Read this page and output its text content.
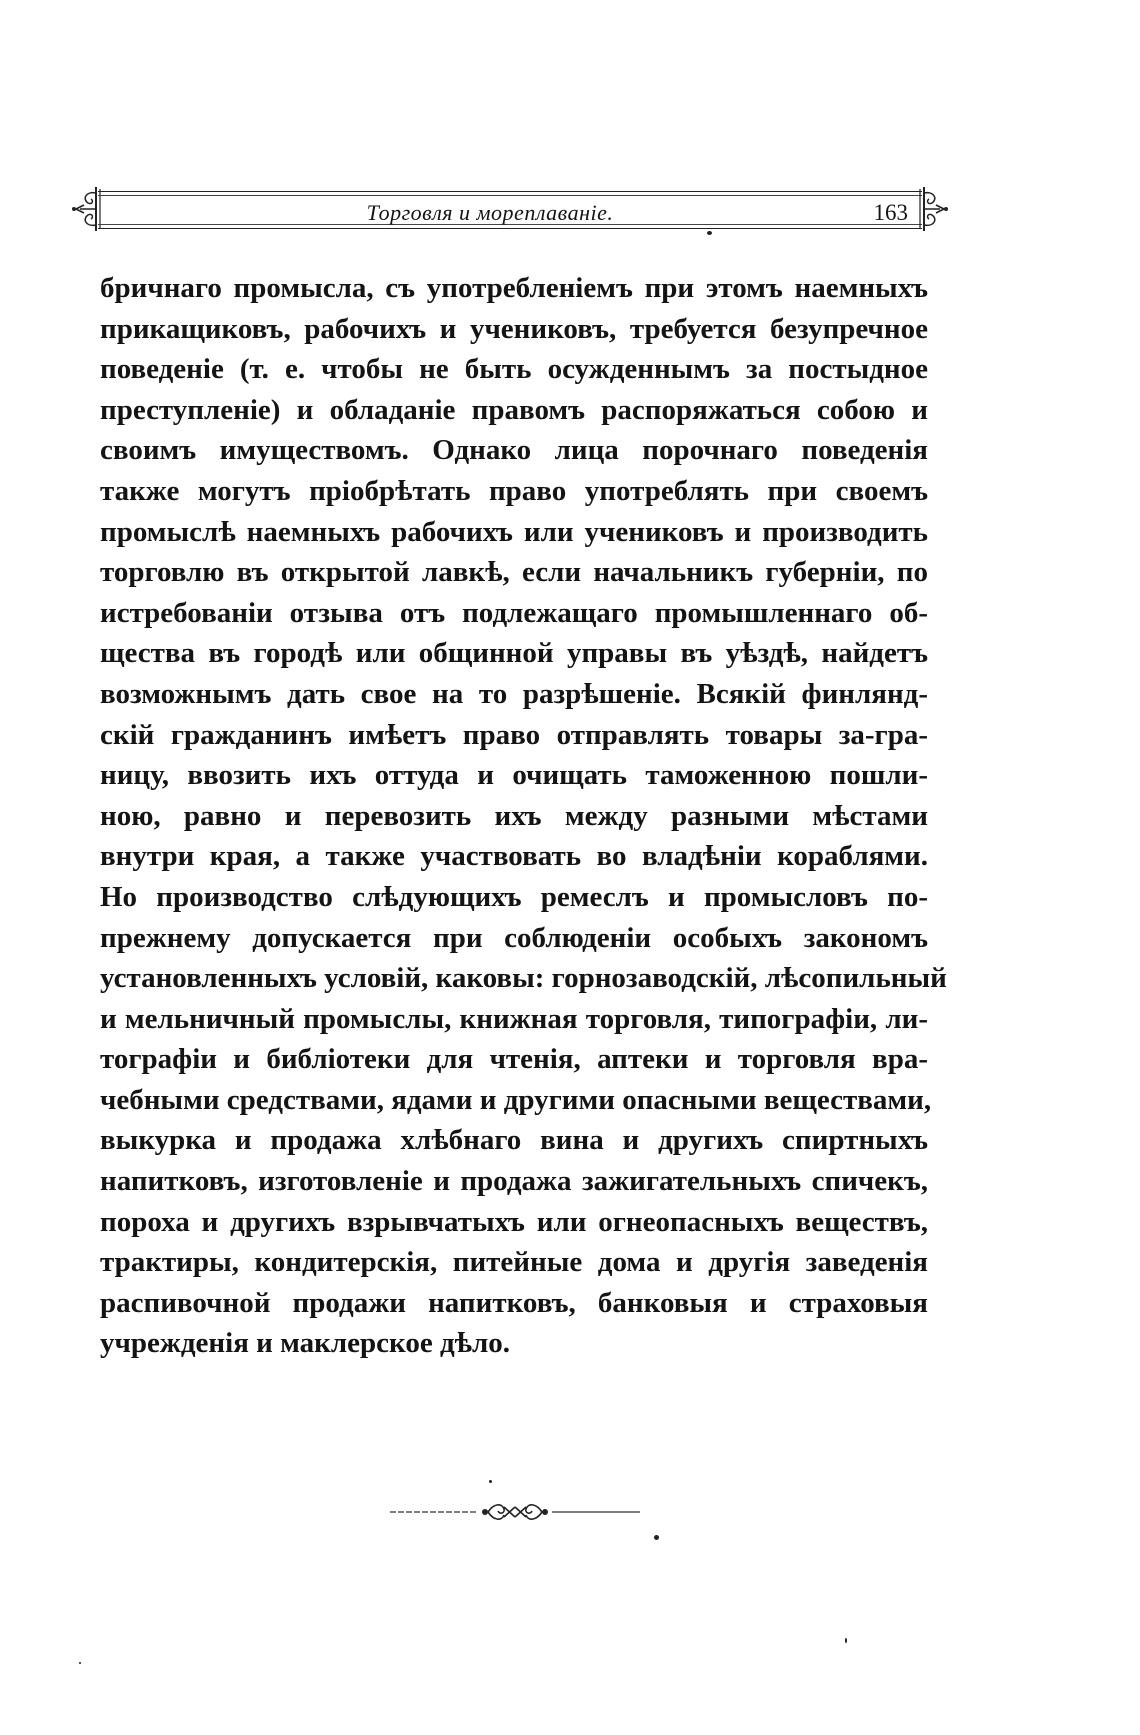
Торговля и мореплаваніе.	163
бричнаго промысла, съ употребленіемъ при этомъ наемныхъ
прикащиковъ, рабочихъ и учениковъ, требуется безупречное
поведеніе (т. е. чтобы не быть осужденнымъ за постыдное
преступленіе) и обладаніе правомъ распоряжаться собою и
своимъ имуществомъ. Однако лица порочнаго поведенія
также могутъ пріобрѣтать право употреблять при своемъ
промыслѣ наемныхъ рабочихъ или учениковъ и производить
торговлю въ открытой лавкѣ, если начальникъ губерніи, по
истребованіи отзыва отъ подлежащаго промышленнаго об-
щества въ городѣ или общинной управы въ уѣздѣ, найдетъ
возможнымъ дать свое на то разрѣшеніе. Всякій финлянд-
скій гражданинъ имѣетъ право отправлять товары за-гра-
ницу, ввозить ихъ оттуда и очищать таможенною пошли-
ною, равно и перевозить ихъ между разными мѣстами
внутри края, а также участвовать во владѣніи кораблями.
Но производство слѣдующихъ ремеслъ и промысловъ по-
прежнему допускается при соблюденіи особыхъ закономъ
установленныхъ условій, каковы: горнозаводскій, лѣсопильный
и мельничный промыслы, книжная торговля, типографіи, ли-
тографіи и библіотеки для чтенія, аптеки и торговля вра-
чебными средствами, ядами и другими опасными веществами,
выкурка и продажа хлѣбнаго вина и другихъ спиртныхъ
напитковъ, изготовленіе и продажа зажигательныхъ спичекъ,
пороха и другихъ взрывчатыхъ или огнеопасныхъ веществъ,
трактиры, кондитерскія, питейные дома и другія заведенія
распивочной продажи напитковъ, банковыя и страховыя
учрежденія и маклерское дѣло.
